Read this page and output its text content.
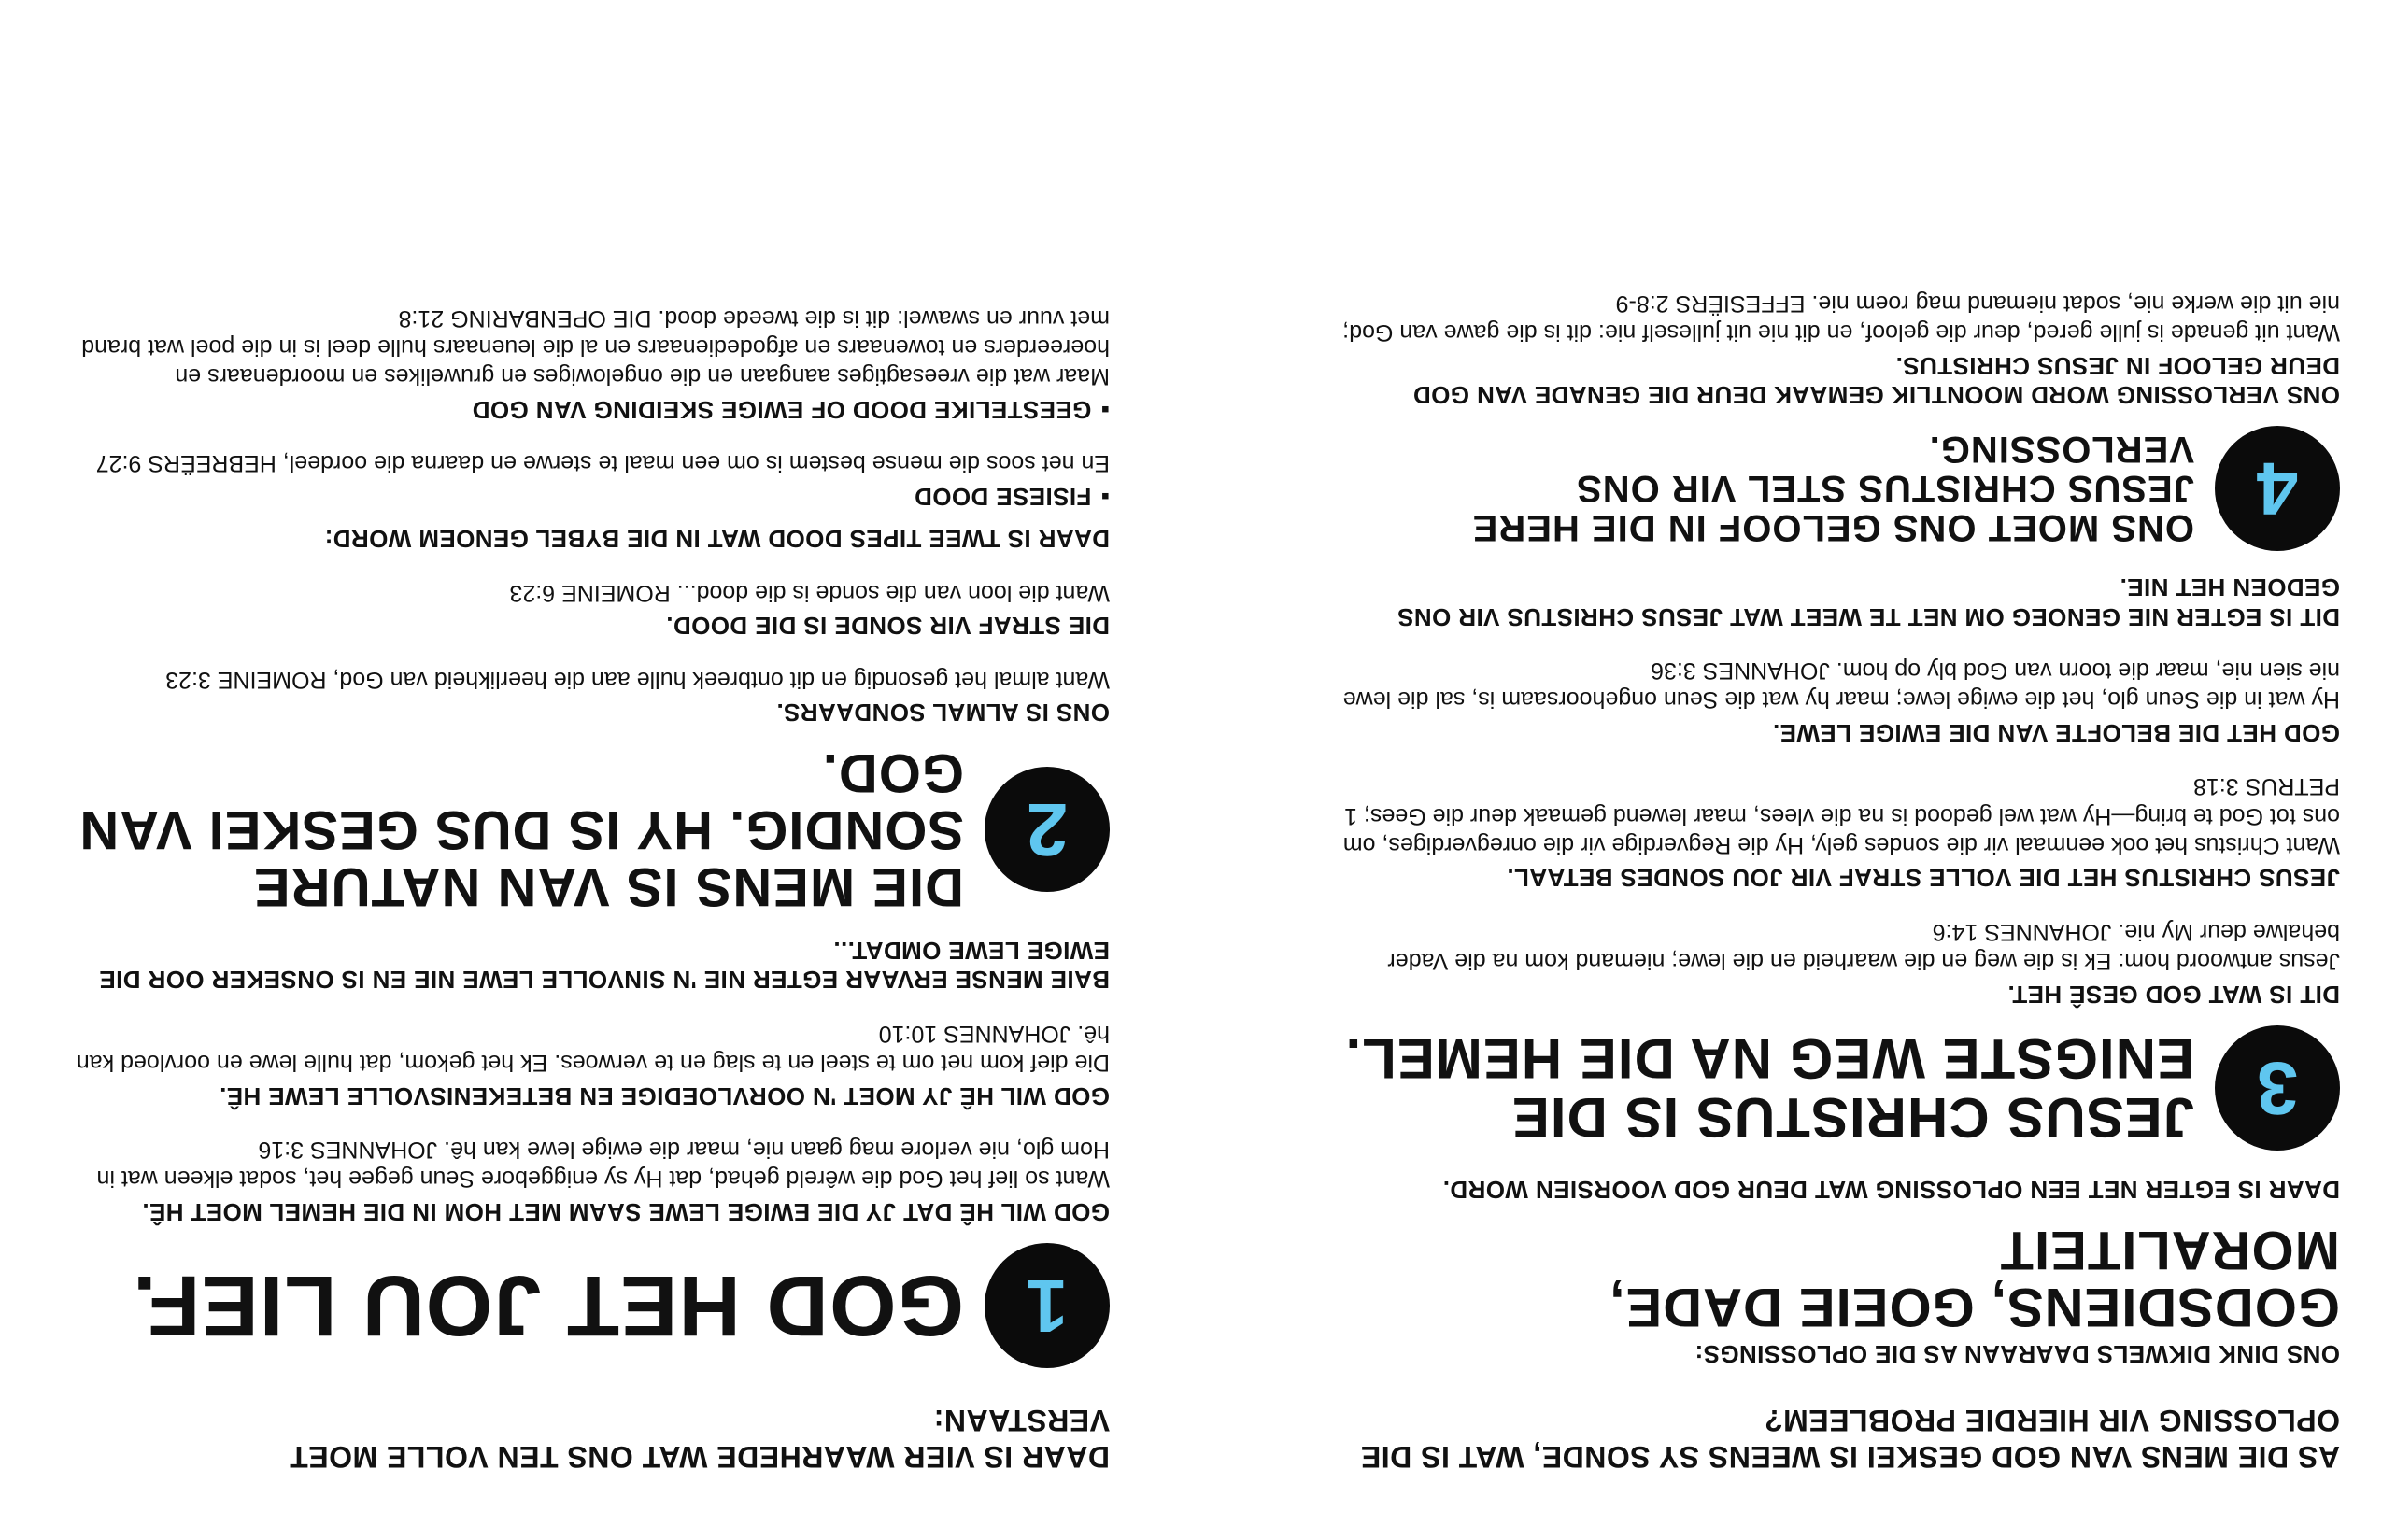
AS DIE MENS VAN GOD GESKEI IS WEENS SY SONDE, WAT IS DIE OPLOSSING VIR HIERDIE PROBLEEM?
ONS DINK DIKWELS DAARAAN AS DIE OPLOSSINGS:
GODSDIENS, GOEIE DADE, MORALITEIT
DAAR IS EGTER NET EEN OPLOSSING WAT DEUR GOD VOORSIEN WORD.
3
JESUS CHRISTUS IS DIE ENIGSTE WEG NA DIE HEMEL.
DIT IS WAT GOD GESÊ HET.
Jesus antwoord hom: Ek is die weg en die waarheid en die lewe; niemand kom na die Vader behalwe deur My nie. JOHANNES 14:6
JESUS CHRISTUS HET DIE VOLLE STRAF VIR JOU SONDES BETAAL.
Want Christus het ook eenmaal vir die sondes gely, Hy die Regverdige vir die onregverdiges, om ons tot God te bring—Hy wat wel gedood is na die vlees, maar lewend gemaak deur die Gees; 1 PETRUS 3:18
GOD HET DIE BELOFTE VAN DIE EWIGE LEWE.
Hy wat in die Seun glo, het die ewige lewe; maar hy wat die Seun ongehoorsaam is, sal die lewe nie sien nie, maar die toorn van God bly op hom. JOHANNES 3:36
DIT IS EGTER NIE GENOEG OM NET TE WEET WAT JESUS CHRISTUS VIR ONS GEDOEN HET NIE.
4
ONS MOET ONS GELOOF IN DIE HERE JESUS CHRISTUS STEL VIR ONS VERLOSSING.
ONS VERLOSSING WORD MOONTLIK GEMAAK DEUR DIE GENADE VAN GOD DEUR GELOOF IN JESUS CHRISTUS.
Want uit genade is julle gered, deur die geloof, en dit nie uit julleself nie: dit is die gawe van God; nie uit die werke nie, sodat niemand mag roem nie. EFFESIËRS 2:8-9
DAAR IS VIER WAARHEDE WAT ONS TEN VOLLE MOET VERSTAAN:
1
GOD HET JOU LIEF.
GOD WIL HÊ DAT JY DIE EWIGE LEWE SAAM MET HOM IN DIE HEMEL MOET HÊ.
Want so lief het God die wêreld gehad, dat Hy sy eniggebore Seun gegee het, sodat elkeen wat in Hom glo, nie verlore mag gaan nie, maar die ewige lewe kan hê. JOHANNES 3:16
GOD WIL HÊ JY MOET 'N OORVLOEDIGE EN BETEKENISVOLLE LEWE HÊ.
Die dief kom net om te steel en te slag en te verwoes. Ek het gekom, dat hulle lewe en oorvloed kan hê. JOHANNES 10:10
BAIE MENSE ERVAAR EGTER NIE 'N SINVOLLE LEWE NIE EN IS ONSEKER OOR DIE EWIGE LEWE OMDAT...
2
DIE MENS IS VAN NATURE SONDIG. HY IS DUS GESKEI VAN GOD.
ONS IS ALMAL SONDAARS.
Want almal het gesondig en dit ontbreek hulle aan die heerlikheid van God, ROMEINE 3:23
DIE STRAF VIR SONDE IS DIE DOOD.
Want die loon van die sonde is die dood... ROMEINE 6:23
DAAR IS TWEE TIPES DOOD WAT IN DIE BYBEL GENOEM WORD:
▪FISIESE DOOD
En net soos die mense bestem is om een maal te sterwe en daarna die oordeel, HEBREËRS 9:27
▪GEESTELIKE DOOD OF EWIGE SKEIDING VAN GOD
Maar wat die vreesagtiges aangaan en die ongelowiges en gruwelikes en moordenaars en hoereerders en towenaars en afgodedienaars en al die leuenaars hulle deel is in die poel wat brand met vuur en swawel: dit is die tweede dood. DIE OPENBARING 21:8
